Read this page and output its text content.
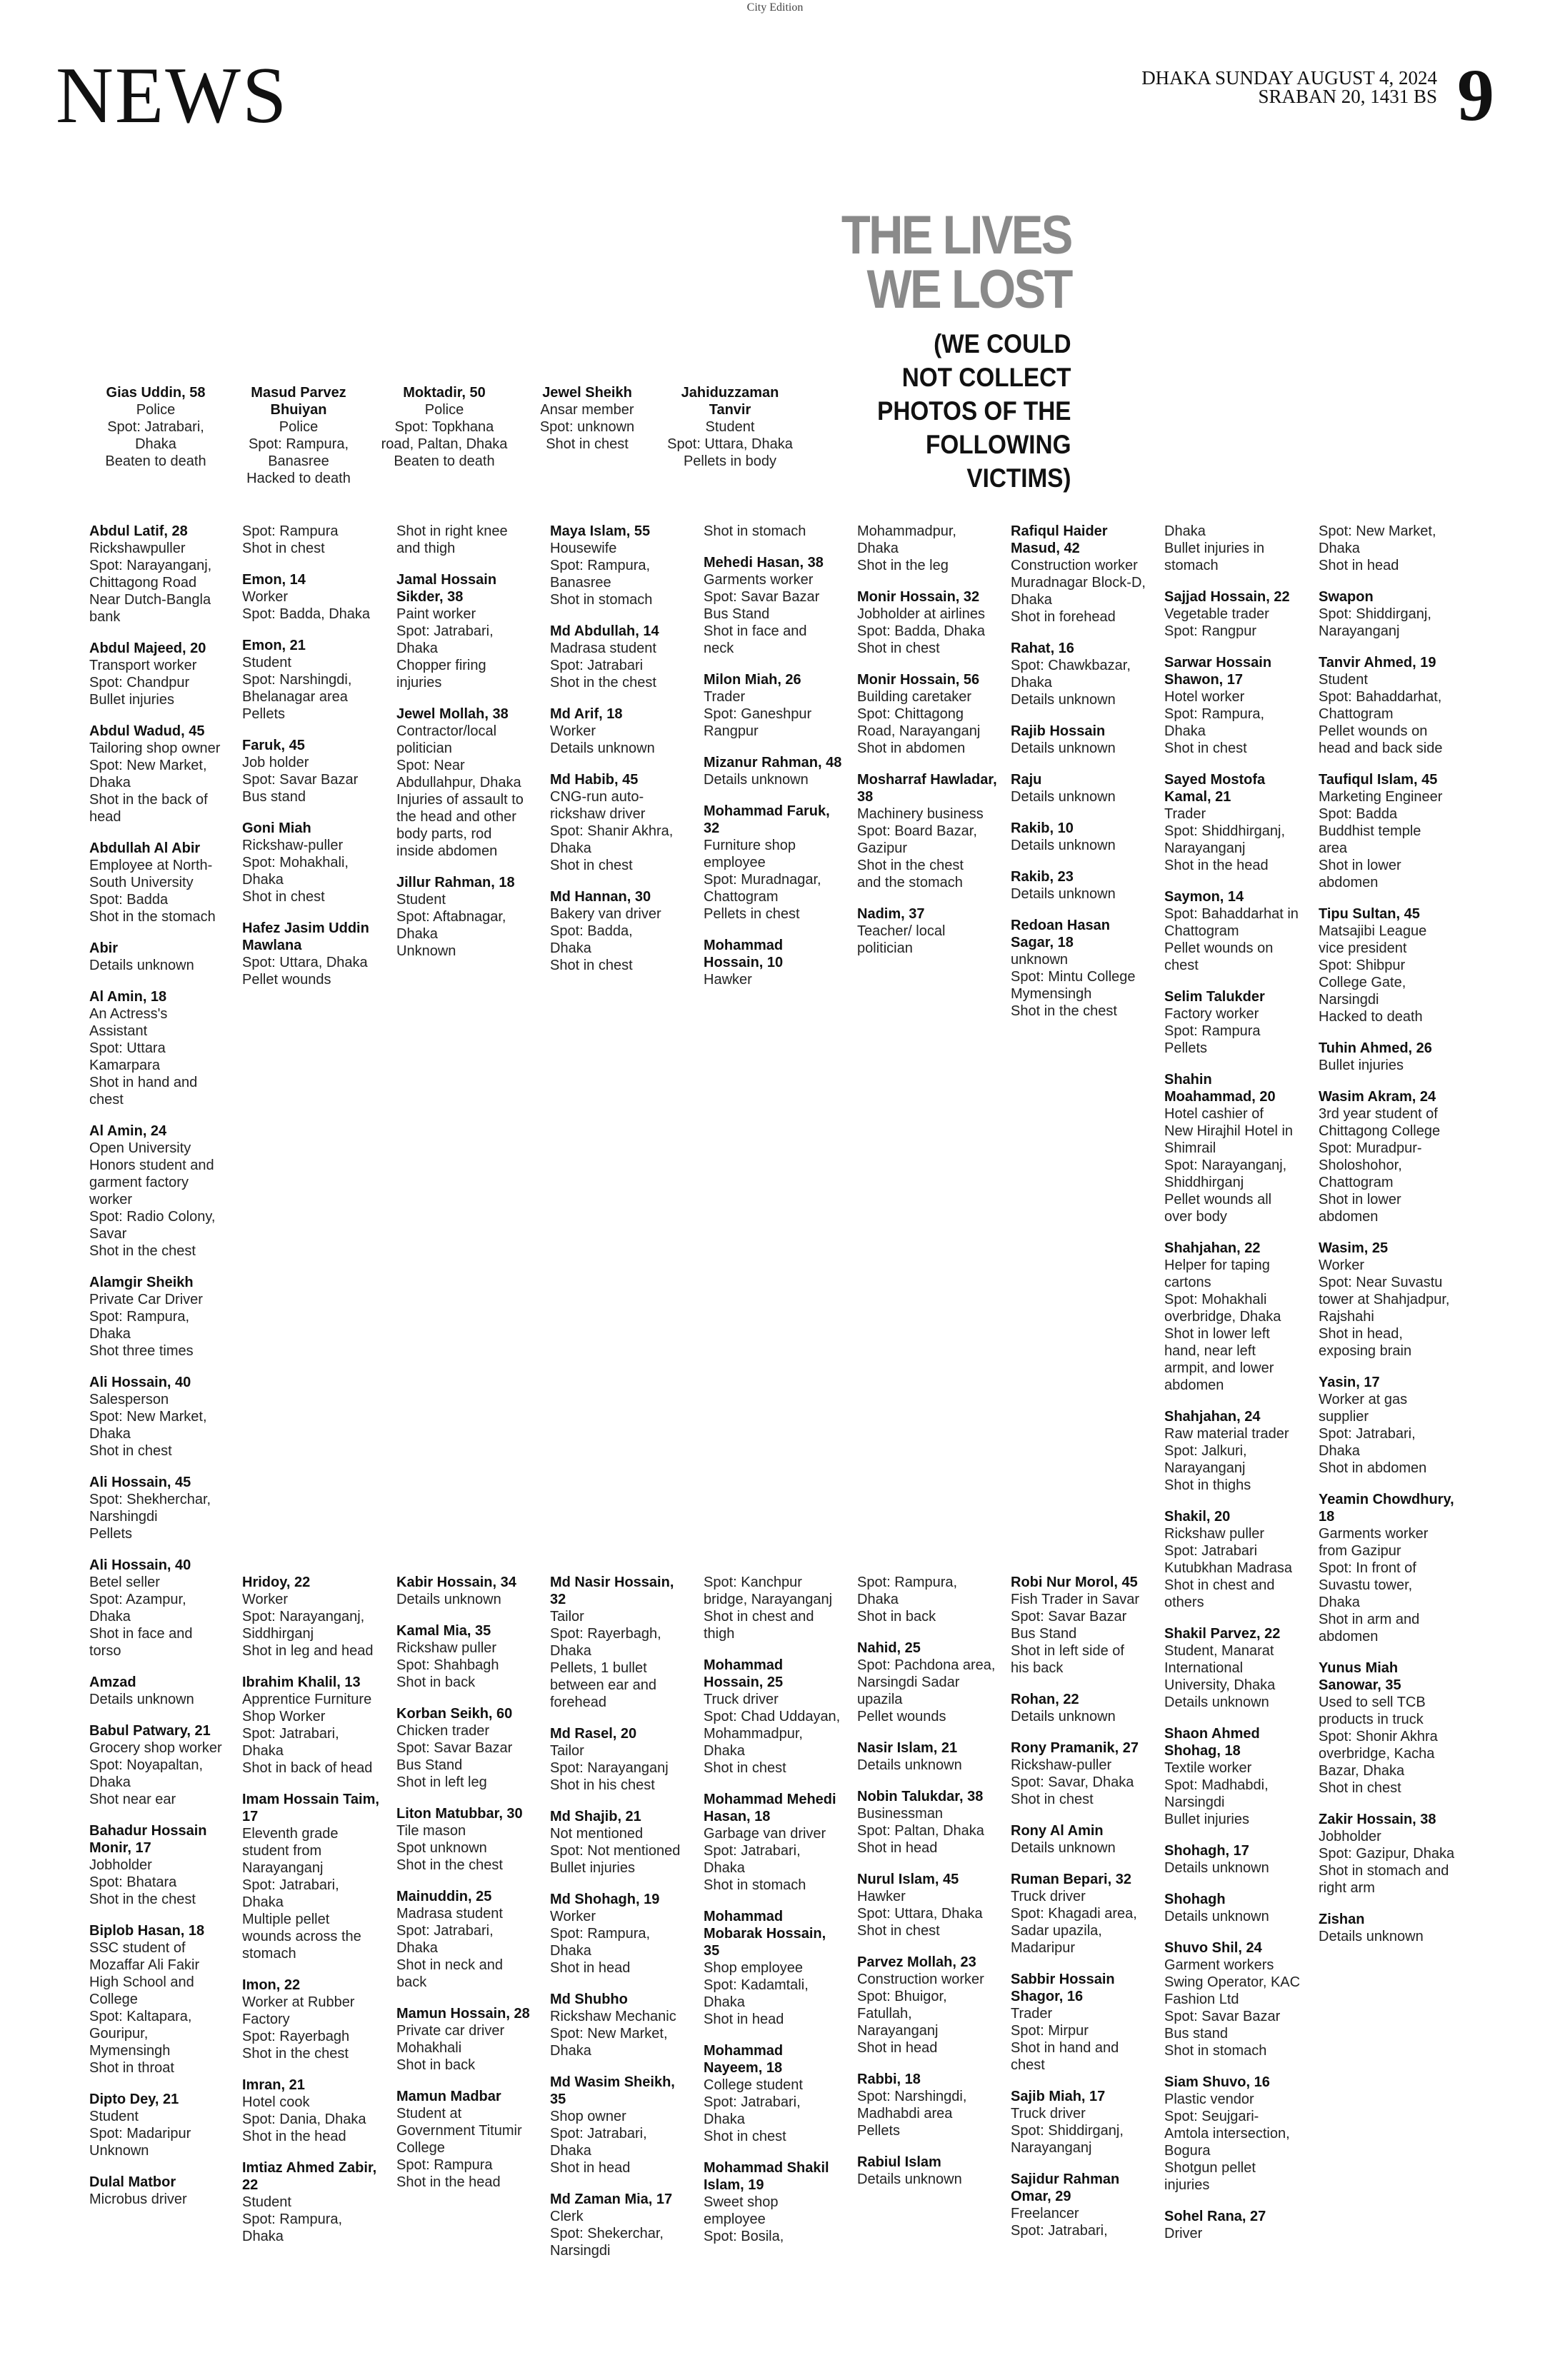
City Edition
NEWS	DHAKA SUNDAY AUGUST 4, 2024
SRABAN 20, 1431 BS 9
THE LIVES
WE LOST
(WE COULD
NOT COLLECT
PHOTOS OF THE
FOLLOWING
VICTIMS)
Gias Uddin, 58
Police
Spot: Jatrabari,
Dhaka
Beaten to death
Masud Parvez Bhuiyan
Police
Spot: Rampura,
Banasree
Hacked to death
Moktadir, 50
Police
Spot: Topkhana
road, Paltan, Dhaka
Beaten to death
Jewel Sheikh
Ansar member
Spot: unknown
Shot in chest
Jahiduzzaman Tanvir
Student
Spot: Uttara, Dhaka
Pellets in body
Abdul Latif, 28
Rickshawpuller
Spot: Narayanganj,
Chittagong Road
Near Dutch-Bangla
bank
Abdul Majeed, 20
Transport worker
Spot: Chandpur
Bullet injuries
Abdul Wadud, 45
Tailoring shop owner
Spot: New Market,
Dhaka
Shot in the back of
head
Abdullah Al Abir
Employee at North-
South University
Spot: Badda
Shot in the stomach
Abir
Details unknown
Al Amin, 18
An Actress's
Assistant
Spot: Uttara
Kamarpara
Shot in hand and
chest
Al Amin, 24
Open University
Honors student and
garment factory
worker
Spot: Radio Colony,
Savar
Shot in the chest
Alamgir Sheikh
Private Car Driver
Spot: Rampura,
Dhaka
Shot three times
Ali Hossain, 40
Salesperson
Spot: New Market,
Dhaka
Shot in chest
Ali Hossain, 45
Spot: Shekherchar,
Narshingdi
Pellets
Ali Hossain, 40
Betel seller
Spot: Azampur,
Dhaka
Shot in face and
torso
Amzad
Details unknown
Babul Patwary, 21
Grocery shop worker
Spot: Noyapaltan,
Dhaka
Shot near ear
Bahadur Hossain Monir, 17
Jobholder
Spot: Bhatara
Shot in the chest
Biplob Hasan, 18
SSC student of
Mozaffar Ali Fakir
High School and
College
Spot: Kaltapara,
Gouripur,
Mymensingh
Shot in throat
Dipto Dey, 21
Student
Spot: Madaripur
Unknown
Dulal Matbor
Microbus driver
Spot: Rampura
Shot in chest
Emon, 14
Worker
Spot: Badda, Dhaka
Emon, 21
Student
Spot: Narshingdi,
Bhelanagar area
Pellets
Faruk, 45
Job holder
Spot: Savar Bazar
Bus stand
Goni Miah
Rickshaw-puller
Spot: Mohakhali,
Dhaka
Shot in chest
Hafez Jasim Uddin Mawlana
Spot: Uttara, Dhaka
Pellet wounds
Shot in right knee
and thigh
Jamal Hossain Sikder, 38
Paint worker
Spot: Jatrabari,
Dhaka
Chopper firing
injuries
Jewel Mollah, 38
Contractor/local
politician
Spot: Near
Abdullahpur, Dhaka
Injuries of assault to
the head and other
body parts, rod
inside abdomen
Jillur Rahman, 18
Student
Spot: Aftabnagar,
Dhaka
Unknown
Maya Islam, 55
Housewife
Spot: Rampura,
Banasree
Shot in stomach
Md Abdullah, 14
Madrasa student
Spot: Jatrabari
Shot in the chest
Md Arif, 18
Worker
Details unknown
Md Habib, 45
CNG-run auto-
rickshaw driver
Spot: Shanir Akhra,
Dhaka
Shot in chest
Md Hannan, 30
Bakery van driver
Spot: Badda,
Dhaka
Shot in chest
Shot in stomach
Mehedi Hasan, 38
Garments worker
Spot: Savar Bazar
Bus Stand
Shot in face and
neck
Milon Miah, 26
Trader
Spot: Ganeshpur
Rangpur
Mizanur Rahman, 48
Details unknown
Mohammad Faruk, 32
Furniture shop
employee
Spot: Muradnagar,
Chattogram
Pellets in chest
Mohammad Hossain, 10
Hawker
Mohammadpur,
Dhaka
Shot in the leg
Monir Hossain, 32
Jobholder at airlines
Spot: Badda, Dhaka
Shot in chest
Monir Hossain, 56
Building caretaker
Spot: Chittagong
Road, Narayanganj
Shot in abdomen
Mosharraf Hawladar, 38
Machinery business
Spot: Board Bazar,
Gazipur
Shot in the chest
and the stomach
Nadim, 37
Teacher/ local
politician
Rafiqul Haider Masud, 42
Construction worker
Muradnagar Block-D,
Dhaka
Shot in forehead
Rahat, 16
Spot: Chawkbazar,
Dhaka
Details unknown
Rajib Hossain
Details unknown
Raju
Details unknown
Rakib, 10
Details unknown
Rakib, 23
Details unknown
Redoan Hasan Sagar, 18
unknown
Spot: Mintu College
Mymensingh
Shot in the chest
Dhaka
Bullet injuries in
stomach
Sajjad Hossain, 22
Vegetable trader
Spot: Rangpur
Sarwar Hossain Shawon, 17
Hotel worker
Spot: Rampura,
Dhaka
Shot in chest
Sayed Mostofa Kamal, 21
Trader
Spot: Shiddhirganj,
Narayanganj
Shot in the head
Saymon, 14
Spot: Bahaddarhat in
Chattogram
Pellet wounds on
chest
Selim Talukder
Factory worker
Spot: Rampura
Pellets
Shahin Moahammad, 20
Hotel cashier of
New Hirajhil Hotel in
Shimrail
Spot: Narayanganj,
Shiddhirganj
Pellet wounds all
over body
Shahjahan, 22
Helper for taping
cartons
Spot: Mohakhali
overbridge, Dhaka
Shot in lower left
hand, near left
armpit, and lower
abdomen
Shahjahan, 24
Raw material trader
Spot: Jalkuri,
Narayanganj
Shot in thighs
Shakil, 20
Rickshaw puller
Spot: Jatrabari
Kutubkhan Madrasa
Shot in chest and
others
Shakil Parvez, 22
Student, Manarat
International
University, Dhaka
Details unknown
Shaon Ahmed Shohag, 18
Textile worker
Spot: Madhabdi,
Narsingdi
Bullet injuries
Shohagh, 17
Details unknown
Shohagh
Details unknown
Shuvo Shil, 24
Garment workers
Swing Operator, KAC
Fashion Ltd
Spot: Savar Bazar
Bus stand
Shot in stomach
Siam Shuvo, 16
Plastic vendor
Spot: Seujgari-
Amtola intersection,
Bogura
Shotgun pellet
injuries
Sohel Rana, 27
Driver
Spot: New Market,
Dhaka
Shot in head
Swapon
Spot: Shiddirganj,
Narayanganj
Tanvir Ahmed, 19
Student
Spot: Bahaddarhat,
Chattogram
Pellet wounds on
head and back side
Taufiqul Islam, 45
Marketing Engineer
Spot: Badda
Buddhist temple
area
Shot in lower
abdomen
Tipu Sultan, 45
Matsajibi League
vice president
Spot: Shibpur
College Gate,
Narsingdi
Hacked to death
Tuhin Ahmed, 26
Bullet injuries
Wasim Akram, 24
3rd year student of
Chittagong College
Spot: Muradpur-
Sholoshohor,
Chattogram
Shot in lower
abdomen
Wasim, 25
Worker
Spot: Near Suvastu
tower at Shahjadpur,
Rajshahi
Shot in head,
exposing brain
Yasin, 17
Worker at gas
supplier
Spot: Jatrabari,
Dhaka
Shot in abdomen
Yeamin Chowdhury, 18
Garments worker
from Gazipur
Spot: In front of
Suvastu tower,
Dhaka
Shot in arm and
abdomen
Yunus Miah Sanowar, 35
Used to sell TCB
products in truck
Spot: Shonir Akhra
overbridge, Kacha
Bazar, Dhaka
Shot in chest
Zakir Hossain, 38
Jobholder
Spot: Gazipur, Dhaka
Shot in stomach and
right arm
Zishan
Details unknown
Hridoy, 22
Worker
Spot: Narayanganj,
Siddhirganj
Shot in leg and head
Ibrahim Khalil, 13
Apprentice Furniture
Shop Worker
Spot: Jatrabari,
Dhaka
Shot in back of head
Imam Hossain Taim, 17
Eleventh grade
student from
Narayanganj
Spot: Jatrabari,
Dhaka
Multiple pellet
wounds across the
stomach
Imon, 22
Worker at Rubber
Factory
Spot: Rayerbagh
Shot in the chest
Imran, 21
Hotel cook
Spot: Dania, Dhaka
Shot in the head
Imtiaz Ahmed Zabir, 22
Student
Spot: Rampura,
Dhaka
Kabir Hossain, 34
Details unknown
Kamal Mia, 35
Rickshaw puller
Spot: Shahbagh
Shot in back
Korban Seikh, 60
Chicken trader
Spot: Savar Bazar
Bus Stand
Shot in left leg
Liton Matubbar, 30
Tile mason
Spot unknown
Shot in the chest
Mainuddin, 25
Madrasa student
Spot: Jatrabari,
Dhaka
Shot in neck and
back
Mamun Hossain, 28
Private car driver
Mohakhali
Shot in back
Mamun Madbar
Student at
Government Titumir
College
Spot: Rampura
Shot in the head
Md Nasir Hossain, 32
Tailor
Spot: Rayerbagh,
Dhaka
Pellets, 1 bullet
between ear and
forehead
Md Rasel, 20
Tailor
Spot: Narayanganj
Shot in his chest
Md Shajib, 21
Not mentioned
Spot: Not mentioned
Bullet injuries
Md Shohagh, 19
Worker
Spot: Rampura,
Dhaka
Shot in head
Md Shubho
Rickshaw Mechanic
Spot: New Market,
Dhaka
Md Wasim Sheikh, 35
Shop owner
Spot: Jatrabari,
Dhaka
Shot in head
Md Zaman Mia, 17
Clerk
Spot: Shekerchar,
Narsingdi
Spot: Kanchpur
bridge, Narayanganj
Shot in chest and
thigh
Mohammad Hossain, 25
Truck driver
Spot: Chad Uddayan,
Mohammadpur,
Dhaka
Shot in chest
Mohammad Mehedi Hasan, 18
Garbage van driver
Spot: Jatrabari,
Dhaka
Shot in stomach
Mohammad Mobarak Hossain, 35
Shop employee
Spot: Kadamtali,
Dhaka
Shot in head
Mohammad Nayeem, 18
College student
Spot: Jatrabari,
Dhaka
Shot in chest
Mohammad Shakil Islam, 19
Sweet shop
employee
Spot: Bosila,
Spot: Rampura,
Dhaka
Shot in back
Nahid, 25
Spot: Pachdona area,
Narsingdi Sadar
upazila
Pellet wounds
Nasir Islam, 21
Details unknown
Nobin Talukdar, 38
Businessman
Spot: Paltan, Dhaka
Shot in head
Nurul Islam, 45
Hawker
Spot: Uttara, Dhaka
Shot in chest
Parvez Mollah, 23
Construction worker
Spot: Bhuigor,
Fatullah,
Narayanganj
Shot in head
Rabbi, 18
Spot: Narshingdi,
Madhabdi area
Pellets
Rabiul Islam
Details unknown
Robi Nur Morol, 45
Fish Trader in Savar
Spot: Savar Bazar
Bus Stand
Shot in left side of
his back
Rohan, 22
Details unknown
Rony Pramanik, 27
Rickshaw-puller
Spot: Savar, Dhaka
Shot in chest
Rony Al Amin
Details unknown
Ruman Bepari, 32
Truck driver
Spot: Khagadi area,
Sadar upazila,
Madaripur
Sabbir Hossain Shagor, 16
Trader
Spot: Mirpur
Shot in hand and
chest
Sajib Miah, 17
Truck driver
Spot: Shiddirganj,
Narayanganj
Sajidur Rahman Omar, 29
Freelancer
Spot: Jatrabari,
